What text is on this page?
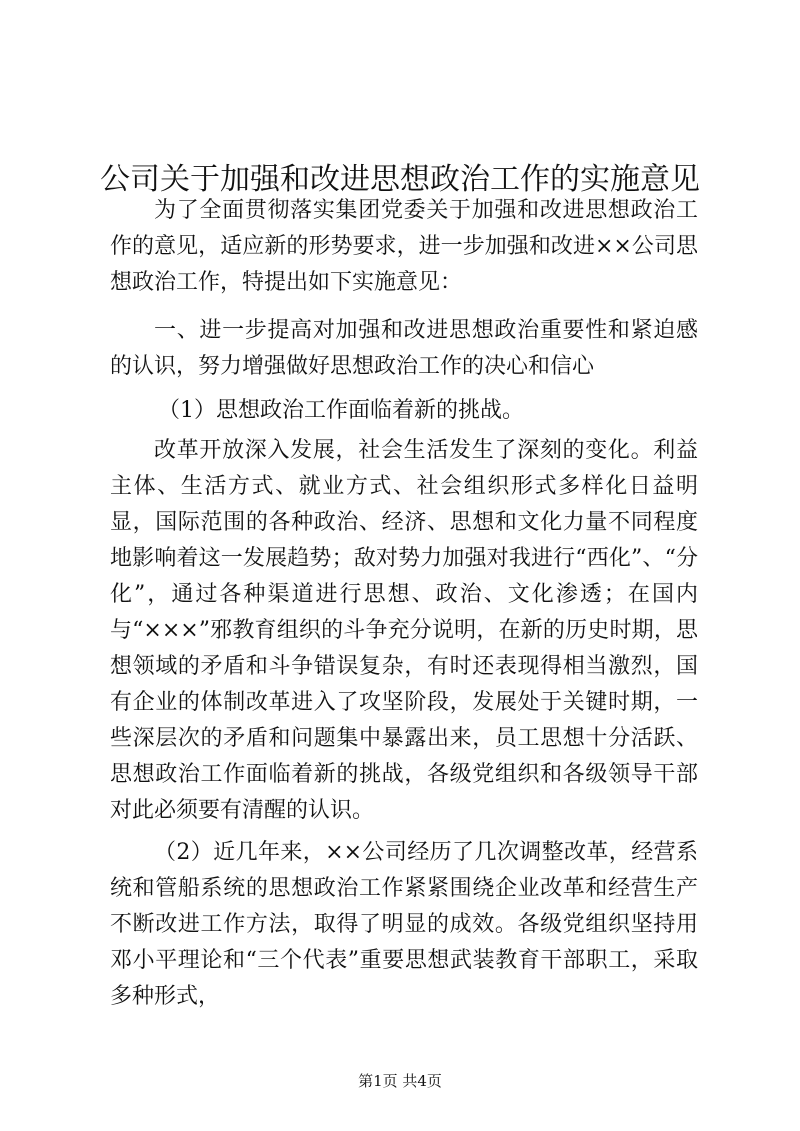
公司关于加强和改进思想政治工作的实施意见

为了全面贯彻落实集团党委关于加强和改进思想政治工作的意见，适应新的形势要求，进一步加强和改进××公司思想政治工作，特提出如下实施意见：

一、进一步提高对加强和改进思想政治重要性和紧迫感的认识，努力增强做好思想政治工作的决心和信心

（1）思想政治工作面临着新的挑战。

改革开放深入发展，社会生活发生了深刻的变化。利益主体、生活方式、就业方式、社会组织形式多样化日益明显，国际范围的各种政治、经济、思想和文化力量不同程度地影响着这一发展趋势；敌对势力加强对我进行“西化”、“分化”，通过各种渠道进行思想、政治、文化渗透；在国内与“×××”邪教育组织的斗争充分说明，在新的历史时期，思想领域的矛盾和斗争错误复杂，有时还表现得相当激烈，国有企业的体制改革进入了攻坚阶段，发展处于关键时期，一些深层次的矛盾和问题集中暴露出来，员工思想十分活跃、思想政治工作面临着新的挑战，各级党组织和各级领导干部对此必须要有清醒的认识。

（2）近几年来，××公司经历了几次调整改革，经营系统和管船系统的思想政治工作紧紧围绕企业改革和经营生产不断改进工作方法，取得了明显的成效。各级党组织坚持用邓小平理论和“三个代表”重要思想武装教育干部职工，采取多种形式，

第1页 共4页
